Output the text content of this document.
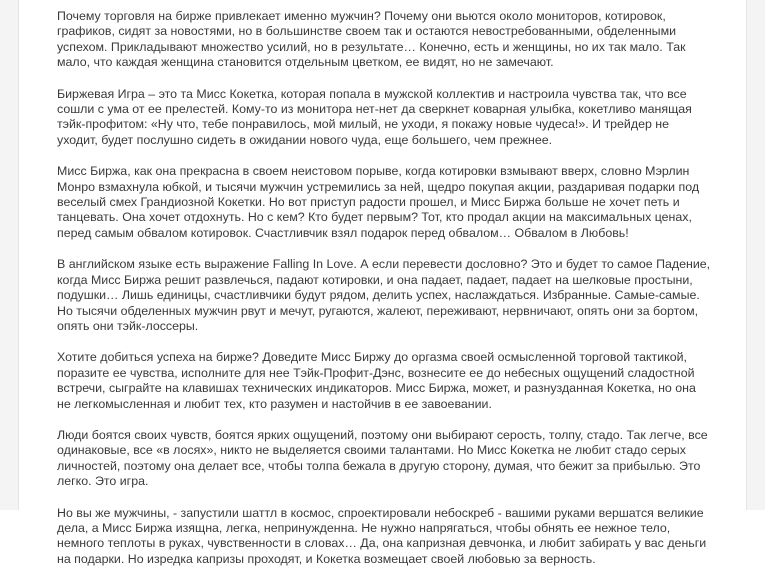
Почему торговля на бирже привлекает именно мужчин? Почему они вьются около мониторов, котировок, графиков, сидят за новостями, но в большинстве своем так и остаются невостребованными, обделенными успехом. Прикладывают множество усилий, но в результате… Конечно, есть и женщины, но их так мало. Так мало, что каждая женщина становится отдельным цветком, ее видят, но не замечают.

Биржевая Игра – это та Мисс Кокетка, которая попала в мужской коллектив и настроила чувства так, что все сошли с ума от ее прелестей. Кому-то из монитора нет-нет да сверкнет коварная улыбка, кокетливо манящая тэйк-профитом: «Ну что, тебе понравилось, мой милый, не уходи, я покажу новые чудеса!». И трейдер не уходит, будет послушно сидеть в ожидании нового чуда, еще большего, чем прежнее.

Мисс Биржа, как она прекрасна в своем неистовом порыве, когда котировки взмывают вверх, словно Мэрлин Монро взмахнула юбкой, и тысячи мужчин устремились за ней, щедро покупая акции, раздаривая подарки под веселый смех Грандиозной Кокетки. Но вот приступ радости прошел, и Мисс Биржа больше не хочет петь и танцевать. Она хочет отдохнуть. Но с кем? Кто будет первым? Тот, кто продал акции на максимальных ценах, перед самым обвалом котировок. Счастливчик взял подарок перед обвалом… Обвалом в Любовь!

В английском языке есть выражение Falling In Love. А если перевести дословно? Это и будет то самое Падение, когда Мисс Биржа решит развлечься, падают котировки, и она падает, падает, падает на шелковые простыни, подушки… Лишь единицы, счастливчики будут рядом, делить успех, наслаждаться. Избранные. Самые-самые. Но тысячи обделенных мужчин рвут и мечут, ругаются, жалеют, переживают, нервничают, опять они за бортом, опять они тэйк-лоссеры.

Хотите добиться успеха на бирже? Доведите Мисс Биржу до оргазма своей осмысленной торговой тактикой, поразите ее чувства, исполните для нее Тэйк-Профит-Дэнс, вознесите ее до небесных ощущений сладостной встречи, сыграйте на клавишах технических индикаторов. Мисс Биржа, может, и разнузданная Кокетка, но она не легкомысленная и любит тех, кто разумен и настойчив в ее завоевании.

Люди боятся своих чувств, боятся ярких ощущений, поэтому они выбирают серость, толпу, стадо. Так легче, все одинаковые, все «в лосях», никто не выделяется своими талантами. Но Мисс Кокетка не любит стадо серых личностей, поэтому она делает все, чтобы толпа бежала в другую сторону, думая, что бежит за прибылью. Это легко. Это игра.

Но вы же мужчины, - запустили шаттл в космос, спроектировали небоскреб - вашими руками вершатся великие дела, а Мисс Биржа изящна, легка, непринужденна. Не нужно напрягаться, чтобы обнять ее нежное тело, немного теплоты в руках, чувственности в словах… Да, она капризная девчонка, и любит забирать у вас деньги на подарки. Но изредка капризы проходят, и Кокетка возмещает своей любовью за верность.
